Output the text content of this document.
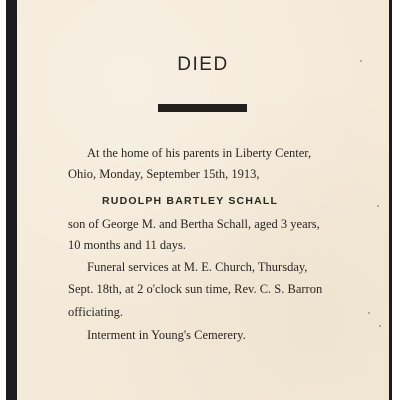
DIED
At the home of his parents in Liberty Center,
Ohio, Monday, September 15th, 1913,
RUDOLPH BARTLEY SCHALL
son of George M. and Bertha Schall, aged 3 years,
10 months and 11 days.
Funeral services at M. E. Church, Thursday,
Sept. 18th, at 2 o'clock sun time, Rev. C. S. Barron
officiating.
Interment in Young's Cemerery.
